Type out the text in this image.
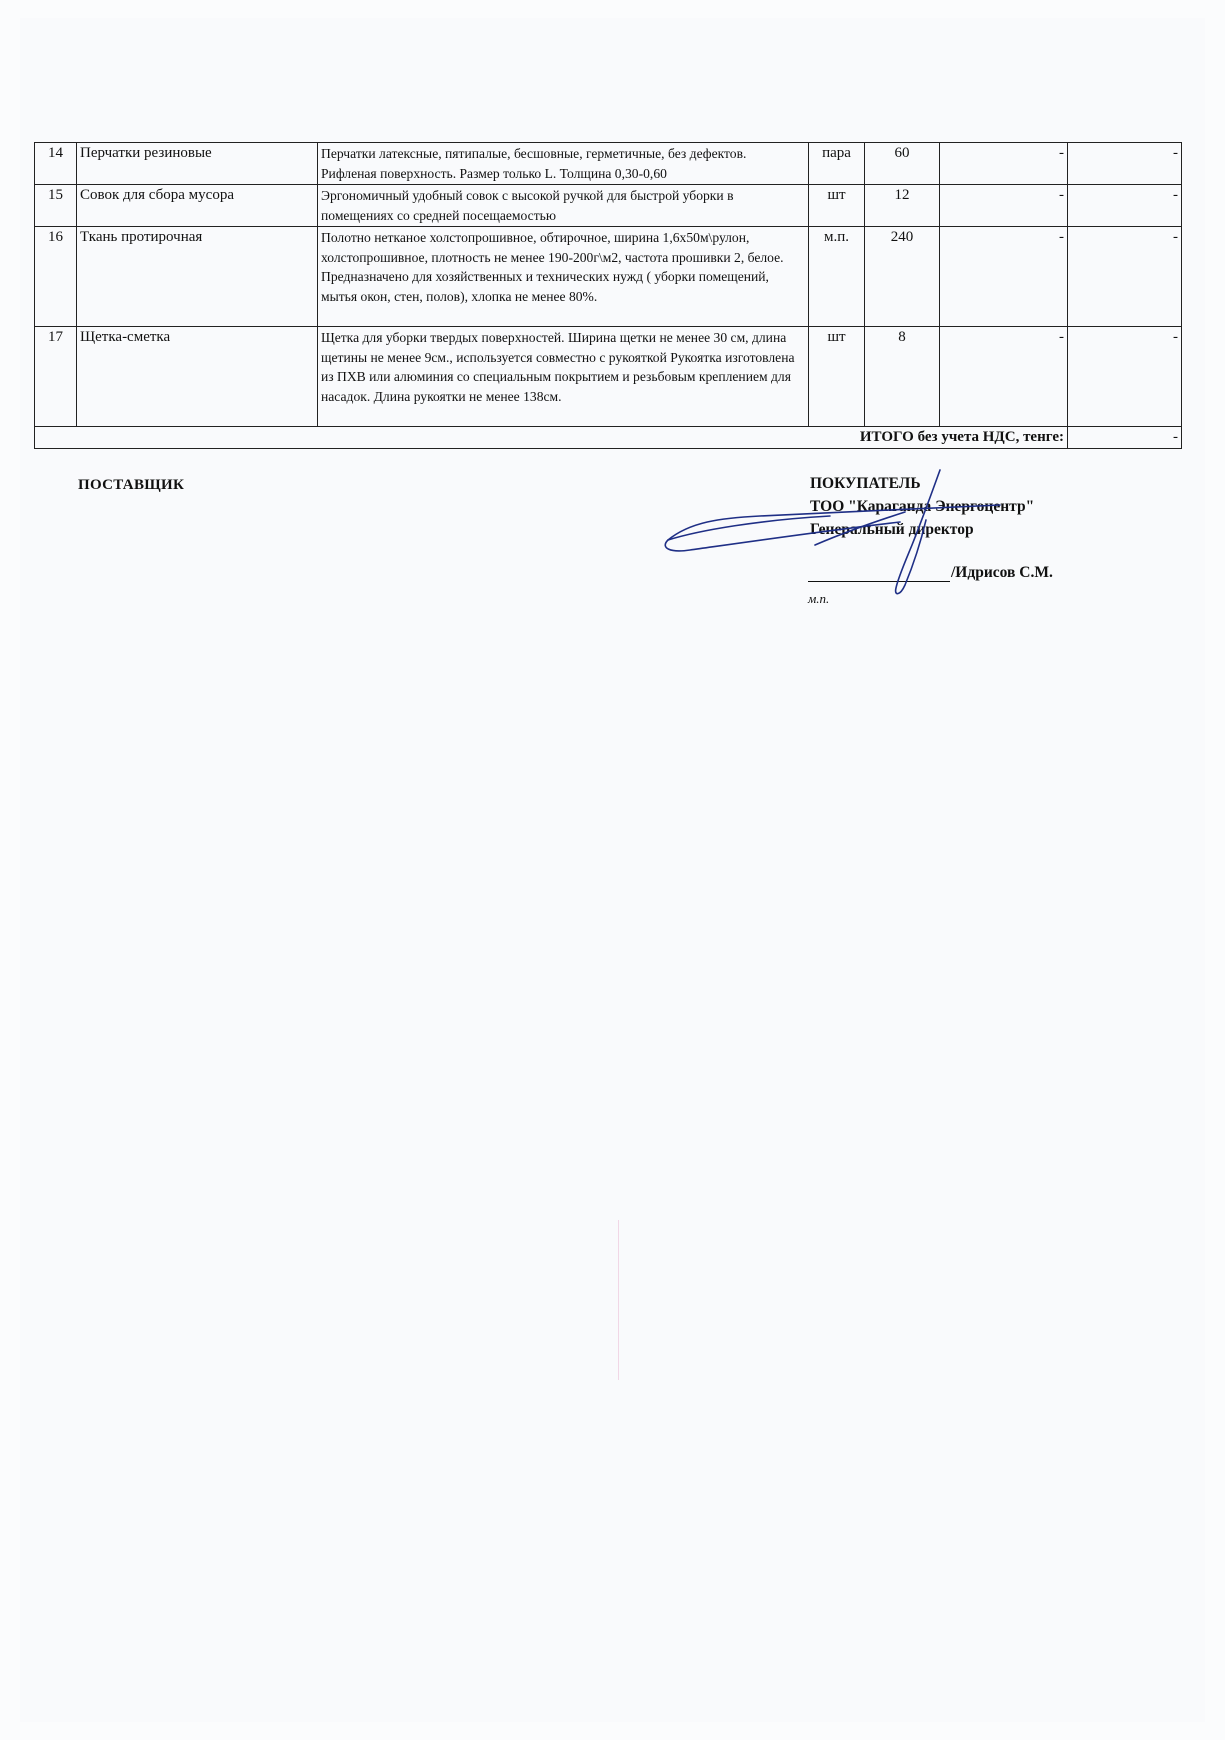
14	Перчатки резиновые	Перчатки латексные, пятипалые, бесшовные, герметичные, без дефектов. Рифленая поверхность. Размер только L. Толщина 0,30-0,60	пара	60	-	-
15	Совок для сбора мусора	Эргономичный удобный совок с высокой ручкой для быстрой уборки в помещениях со средней посещаемостью	шт	12	-	-
16	Ткань протирочная	Полотно нетканое холстопрошивное, обтирочное, ширина 1,6х50м\рулон, холстопрошивное, плотность не менее 190-200г\м2, частота прошивки 2, белое. Предназначено для хозяйственных и технических нужд ( уборки помещений, мытья окон, стен, полов), хлопка не менее 80%.	м.п.	240	-	-
17	Щетка-сметка	Щетка для уборки твердых поверхностей. Ширина щетки не менее 30 см, длина щетины не менее 9см., используется совместно с рукояткой Рукоятка изготовлена из ПХВ или алюминия со специальным покрытием и резьбовым креплением для насадок. Длина рукоятки не менее 138см.	шт	8	-	-
ИТОГО без учета НДС, тенге:						-
ПОСТАВЩИК	ПОКУПАТЕЛЬ
ТОО "Караганда Энергоцентр"
Генеральный директор
/Идрисов С.М.
м.п.
